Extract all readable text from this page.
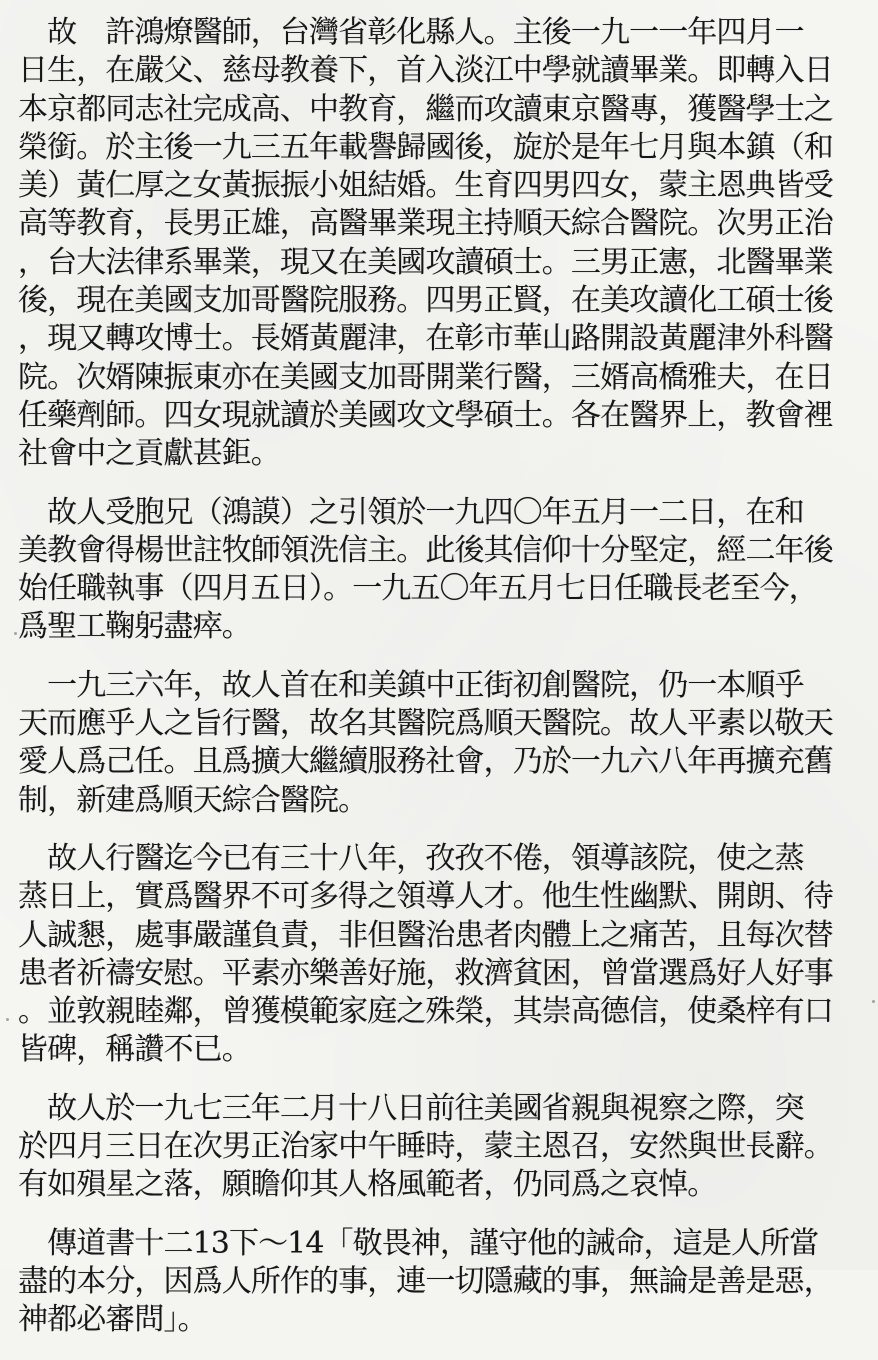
　故　許鴻燎醫師，台灣省彰化縣人。主後一九一一年四月一
日生，在嚴父、慈母教養下，首入淡江中學就讀畢業。即轉入日
本京都同志社完成高、中教育，繼而攻讀東京醫專，獲醫學士之
榮銜。於主後一九三五年載譽歸國後，旋於是年七月與本鎮（和
美）黃仁厚之女黃振振小姐結婚。生育四男四女，蒙主恩典皆受
高等教育，長男正雄，高醫畢業現主持順天綜合醫院。次男正治
，台大法律系畢業，現又在美國攻讀碩士。三男正憲，北醫畢業
後，現在美國支加哥醫院服務。四男正賢，在美攻讀化工碩士後
，現又轉攻博士。長婿黃麗津，在彰市華山路開設黃麗津外科醫
院。次婿陳振東亦在美國支加哥開業行醫，三婿高橋雅夫，在日
任藥劑師。四女現就讀於美國攻文學碩士。各在醫界上，教會裡
社會中之貢獻甚鉅。
　故人受胞兄（鴻謨）之引領於一九四〇年五月一二日，在和
美教會得楊世註牧師領洗信主。此後其信仰十分堅定，經二年後
始任職執事（四月五日）。一九五〇年五月七日任職長老至今，
爲聖工鞠躬盡瘁。
　一九三六年，故人首在和美鎮中正街初創醫院，仍一本順乎
天而應乎人之旨行醫，故名其醫院爲順天醫院。故人平素以敬天
愛人爲己任。且爲擴大繼續服務社會，乃於一九六八年再擴充舊
制，新建爲順天綜合醫院。
　故人行醫迄今已有三十八年，孜孜不倦，領導該院，使之蒸
蒸日上，實爲醫界不可多得之領導人才。他生性幽默、開朗、待
人誠懇，處事嚴謹負責，非但醫治患者肉體上之痛苦，且每次替
患者祈禱安慰。平素亦樂善好施，救濟貧困，曾當選爲好人好事
。並敦親睦鄰，曾獲模範家庭之殊榮，其崇高德信，使桑梓有口
皆碑，稱讚不已。
　故人於一九七三年二月十八日前往美國省親與視察之際，突
於四月三日在次男正治家中午睡時，蒙主恩召，安然與世長辭。
有如殞星之落，願瞻仰其人格風範者，仍同爲之哀悼。
　傳道書十二13下～14「敬畏神，謹守他的誡命，這是人所當
盡的本分，因爲人所作的事，連一切隱藏的事，無論是善是惡，
神都必審問」。
